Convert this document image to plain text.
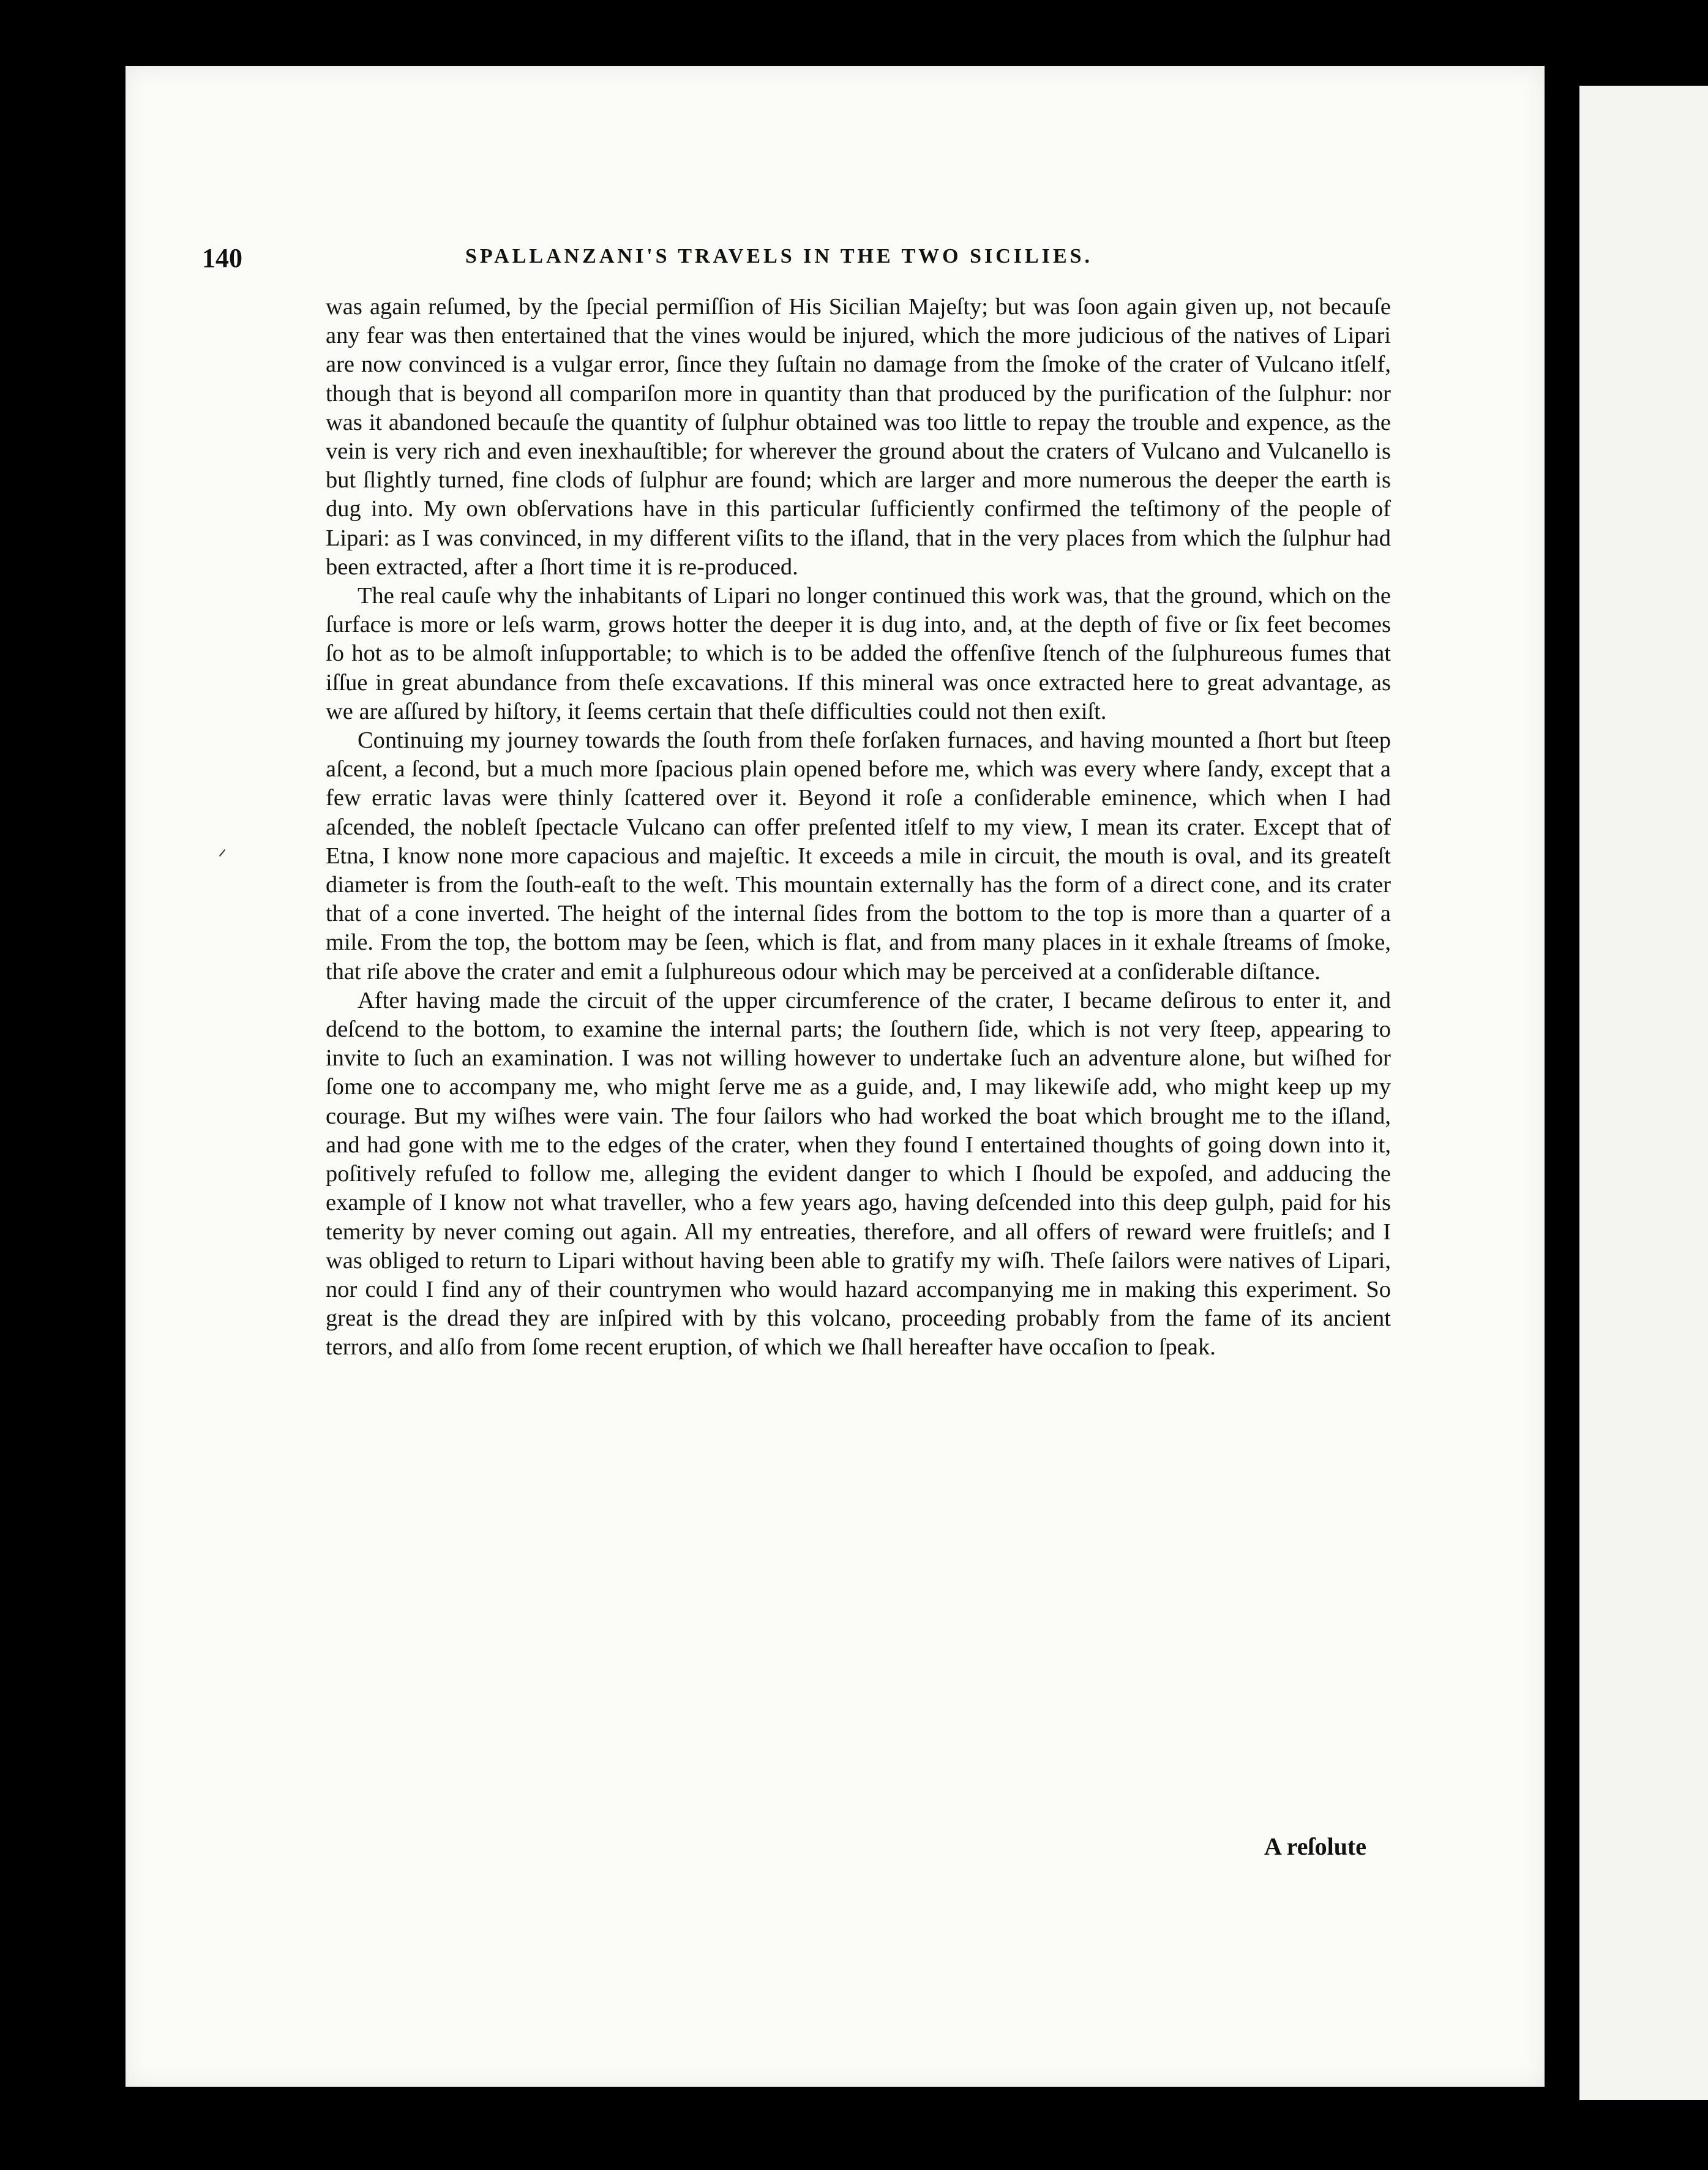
140	SPALLANZANI'S TRAVELS IN THE TWO SICILIES.

was again reſumed, by the ſpecial permiſſion of His Sicilian Majeſty; but was ſoon again given up, not becauſe any fear was then entertained that the vines would be injured, which the more judicious of the natives of Lipari are now convinced is a vulgar error, ſince they ſuſtain no damage from the ſmoke of the crater of Vulcano itſelf, though that is beyond all compariſon more in quantity than that produced by the purification of the ſulphur: nor was it abandoned becauſe the quantity of ſulphur obtained was too little to repay the trouble and expence, as the vein is very rich and even inexhauſtible; for wherever the ground about the craters of Vulcano and Vulcanello is but ſlightly turned, fine clods of ſulphur are found; which are larger and more numerous the deeper the earth is dug into. My own obſervations have in this particular ſufficiently confirmed the teſtimony of the people of Lipari: as I was convinced, in my different viſits to the iſland, that in the very places from which the ſulphur had been extracted, after a ſhort time it is re-produced.

The real cauſe why the inhabitants of Lipari no longer continued this work was, that the ground, which on the ſurface is more or leſs warm, grows hotter the deeper it is dug into, and, at the depth of five or ſix feet becomes ſo hot as to be almoſt inſupportable; to which is to be added the offenſive ſtench of the ſulphureous fumes that iſſue in great abundance from theſe excavations. If this mineral was once extracted here to great advantage, as we are aſſured by hiſtory, it ſeems certain that theſe difficulties could not then exiſt.

Continuing my journey towards the ſouth from theſe forſaken furnaces, and having mounted a ſhort but ſteep aſcent, a ſecond, but a much more ſpacious plain opened before me, which was every where ſandy, except that a few erratic lavas were thinly ſcattered over it. Beyond it roſe a conſiderable eminence, which when I had aſcended, the nobleſt ſpectacle Vulcano can offer preſented itſelf to my view, I mean its crater. Except that of Etna, I know none more capacious and majeſtic. It exceeds a mile in circuit, the mouth is oval, and its greateſt diameter is from the ſouth-eaſt to the weſt. This mountain externally has the form of a direct cone, and its crater that of a cone inverted. The height of the internal ſides from the bottom to the top is more than a quarter of a mile. From the top, the bottom may be ſeen, which is flat, and from many places in it exhale ſtreams of ſmoke, that riſe above the crater and emit a ſulphureous odour which may be perceived at a conſiderable diſtance.

After having made the circuit of the upper circumference of the crater, I became deſirous to enter it, and deſcend to the bottom, to examine the internal parts; the ſouthern ſide, which is not very ſteep, appearing to invite to ſuch an examination. I was not willing however to undertake ſuch an adventure alone, but wiſhed for ſome one to accompany me, who might ſerve me as a guide, and, I may likewiſe add, who might keep up my courage. But my wiſhes were vain. The four ſailors who had worked the boat which brought me to the iſland, and had gone with me to the edges of the crater, when they found I entertained thoughts of going down into it, poſitively refuſed to follow me, alleging the evident danger to which I ſhould be expoſed, and adducing the example of I know not what traveller, who a few years ago, having deſcended into this deep gulph, paid for his temerity by never coming out again. All my entreaties, therefore, and all offers of reward were fruitleſs; and I was obliged to return to Lipari without having been able to gratify my wiſh. Theſe ſailors were natives of Lipari, nor could I find any of their countrymen who would hazard accompanying me in making this experiment. So great is the dread they are inſpired with by this volcano, proceeding probably from the fame of its ancient terrors, and alſo from ſome recent eruption, of which we ſhall hereafter have occaſion to ſpeak.

A reſolute
